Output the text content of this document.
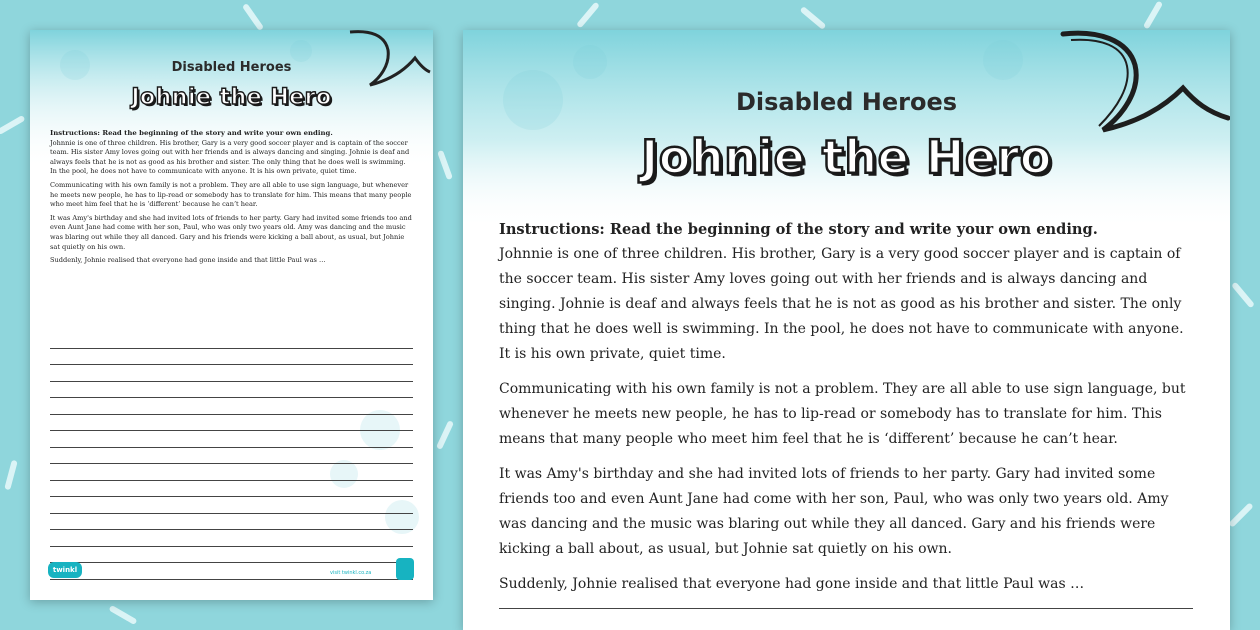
Disabled Heroes
Johnie the Hero

Instructions: Read the beginning of the story and write your own ending.

Johnnie is one of three children. His brother, Gary is a very good soccer player and is captain of the soccer team. His sister Amy loves going out with her friends and is always dancing and singing. Johnie is deaf and always feels that he is not as good as his brother and sister. The only thing that he does well is swimming. In the pool, he does not have to communicate with anyone. It is his own private, quiet time.

Communicating with his own family is not a problem. They are all able to use sign language, but whenever he meets new people, he has to lip-read or somebody has to translate for him. This means that many people who meet him feel that he is ‘different’ because he can’t hear.

It was Amy's birthday and she had invited lots of friends to her party. Gary had invited some friends too and even Aunt Jane had come with her son, Paul, who was only two years old. Amy was dancing and the music was blaring out while they all danced. Gary and his friends were kicking a ball about, as usual, but Johnie sat quietly on his own.

Suddenly, Johnie realised that everyone had gone inside and that little Paul was …

twinkl	visit twinkl.co.za
Disabled Heroes
Johnie the Hero

Instructions: Read the beginning of the story and write your own ending.

Johnnie is one of three children. His brother, Gary is a very good soccer player and is captain of the soccer team. His sister Amy loves going out with her friends and is always dancing and singing. Johnie is deaf and always feels that he is not as good as his brother and sister. The only thing that he does well is swimming. In the pool, he does not have to communicate with anyone. It is his own private, quiet time.

Communicating with his own family is not a problem. They are all able to use sign language, but whenever he meets new people, he has to lip-read or somebody has to translate for him. This means that many people who meet him feel that he is ‘different’ because he can’t hear.

It was Amy's birthday and she had invited lots of friends to her party. Gary had invited some friends too and even Aunt Jane had come with her son, Paul, who was only two years old. Amy was dancing and the music was blaring out while they all danced. Gary and his friends were kicking a ball about, as usual, but Johnie sat quietly on his own.

Suddenly, Johnie realised that everyone had gone inside and that little Paul was …
